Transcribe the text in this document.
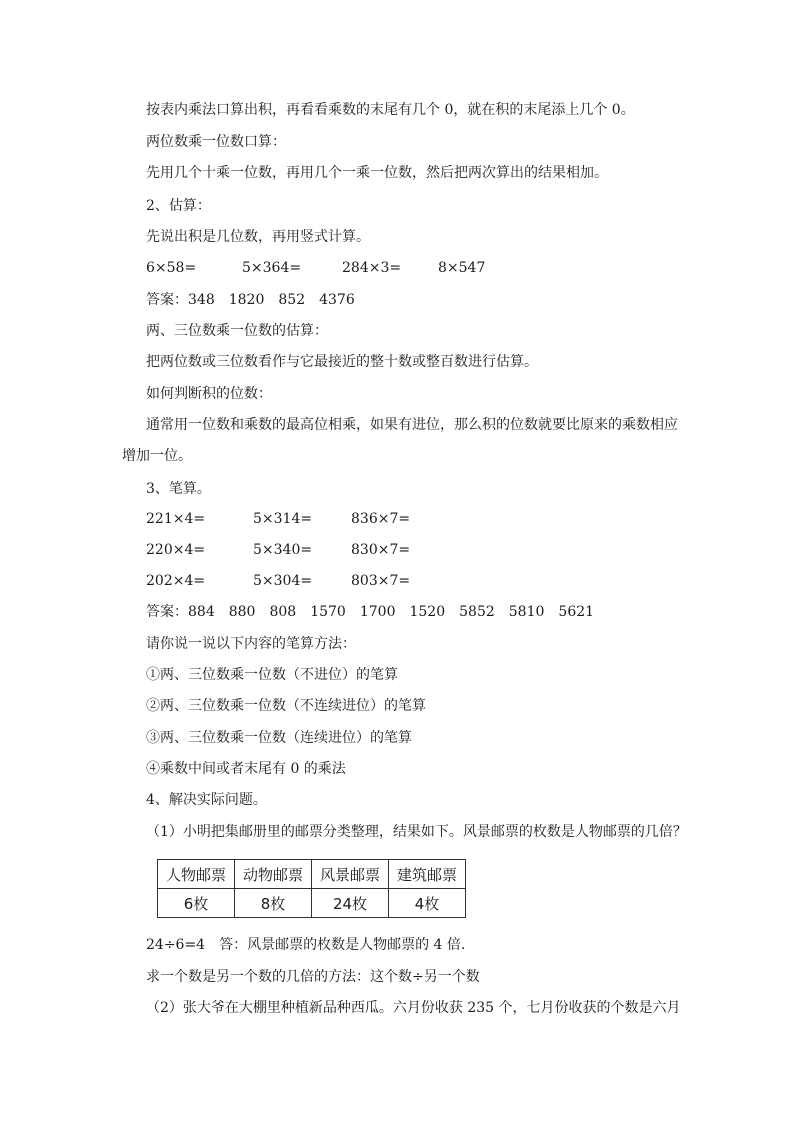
按表内乘法口算出积，再看看乘数的末尾有几个 0，就在积的末尾添上几个 0。
两位数乘一位数口算：
先用几个十乘一位数，再用几个一乘一位数，然后把两次算出的结果相加。
2、估算：
先说出积是几位数，再用竖式计算。
6×58=	5×364=	284×3=	8×547
答案：348 1820 852 4376
两、三位数乘一位数的估算：
把两位数或三位数看作与它最接近的整十数或整百数进行估算。
如何判断积的位数：
通常用一位数和乘数的最高位相乘，如果有进位，那么积的位数就要比原来的乘数相应增加一位。
3、笔算。
221×4=	5×314=	836×7=
220×4=	5×340=	830×7=
202×4=	5×304=	803×7=
答案：884 880 808 1570 1700 1520 5852 5810 5621
请你说一说以下内容的笔算方法：
①两、三位数乘一位数（不进位）的笔算
②两、三位数乘一位数（不连续进位）的笔算
③两、三位数乘一位数（连续进位）的笔算
④乘数中间或者末尾有 0 的乘法
4、解决实际问题。
（1）小明把集邮册里的邮票分类整理，结果如下。风景邮票的枚数是人物邮票的几倍？
人物邮票	动物邮票	风景邮票	建筑邮票
6枚	8枚	24枚	4枚
24÷6=4　答：风景邮票的枚数是人物邮票的 4 倍.
求一个数是另一个数的几倍的方法：这个数÷另一个数
（2）张大爷在大棚里种植新品种西瓜。六月份收获 235 个，七月份收获的个数是六月
